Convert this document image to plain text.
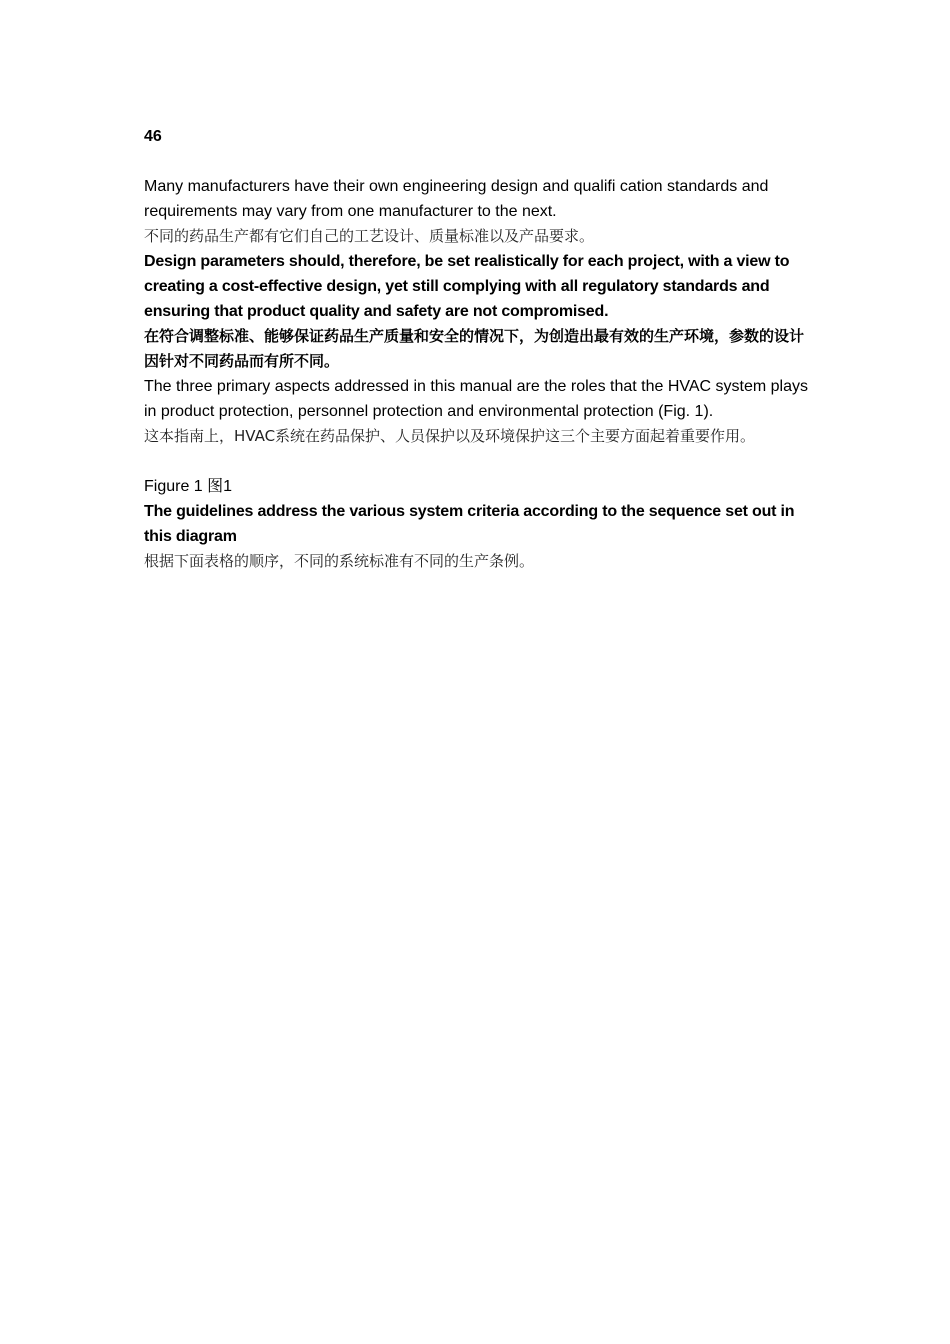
46

Many manufacturers have their own engineering design and qualifi cation standards and requirements may vary from one manufacturer to the next.

不同的药品生产都有它们自己的工艺设计、质量标准以及产品要求。

Design parameters should, therefore, be set realistically for each project, with a view to creating a cost-effective design, yet still complying with all regulatory standards and ensuring that product quality and safety are not compromised.

在符合调整标准、能够保证药品生产质量和安全的情况下，为创造出最有效的生产环境，参数的设计因针对不同药品而有所不同。

The three primary aspects addressed in this manual are the roles that the HVAC system plays in product protection, personnel protection and environmental protection (Fig. 1).

这本指南上，HVAC系统在药品保护、人员保护以及环境保护这三个主要方面起着重要作用。

Figure 1 图1

The guidelines address the various system criteria according to the sequence set out in this diagram

根据下面表格的顺序，不同的系统标准有不同的生产条例。
